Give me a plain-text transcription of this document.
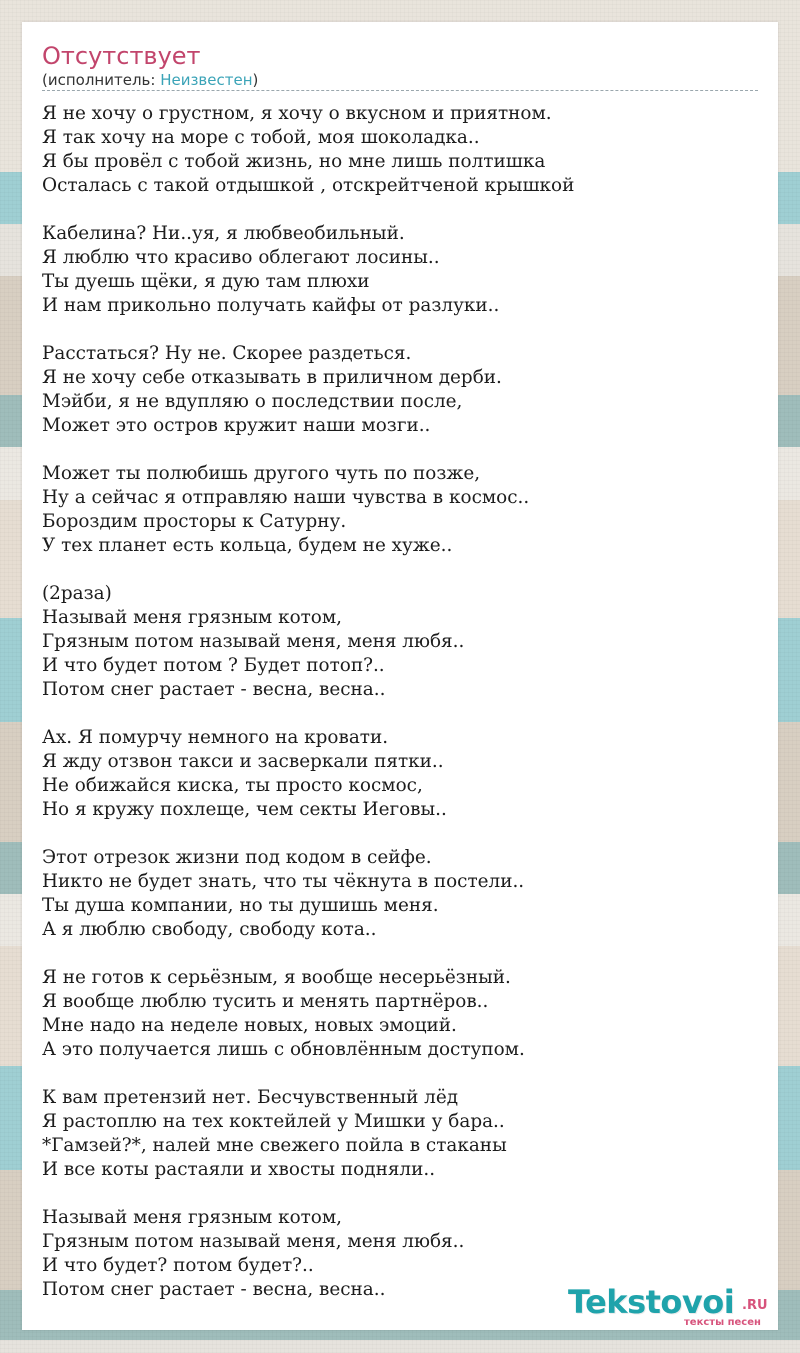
Отсутствует
(исполнитель: Неизвестен)
Я не хочу о грустном, я хочу о вкусном и приятном.
Я так хочу на море с тобой, моя шоколадка..
Я бы провёл с тобой жизнь, но мне лишь полтишка
Осталась с такой отдышкой , отскрейтченой крышкой
Кабелина? Ни..уя, я любвеобильный.
Я люблю что красиво облегают лосины..
Ты дуешь щёки, я дую там плюхи
И нам прикольно получать кайфы от разлуки..
Расстаться? Ну не. Скорее раздеться.
Я не хочу себе отказывать в приличном дерби.
Мэйби, я не вдупляю о последствии после,
Может это остров кружит наши мозги..
Может ты полюбишь другого чуть по позже,
Ну а сейчас я отправляю наши чувства в космос..
Бороздим просторы к Сатурну.
У тех планет есть кольца, будем не хуже..
(2раза)
Называй меня грязным котом,
Грязным потом называй меня, меня любя..
И что будет потом ? Будет потоп?..
Потом снег растает - весна, весна..
Ах. Я помурчу немного на кровати.
Я жду отзвон такси и засверкали пятки..
Не обижайся киска, ты просто космос,
Но я кружу похлеще, чем секты Иеговы..
Этот отрезок жизни под кодом в сейфе.
Никто не будет знать, что ты чёкнута в постели..
Ты душа компании, но ты душишь меня.
А я люблю свободу, свободу кота..
Я не готов к серьёзным, я вообще несерьёзный.
Я вообще люблю тусить и менять партнёров..
Мне надо на неделе новых, новых эмоций.
А это получается лишь с обновлённым доступом.
К вам претензий нет. Бесчувственный лёд
Я растоплю на тех коктейлей у Мишки у бара..
*Гамзей?*, налей мне свежего пойла в стаканы
И все коты растаяли и хвосты подняли..
Называй меня грязным котом,
Грязным потом называй меня, меня любя..
И что будет? потом будет?..
Потом снег растает - весна, весна..	Tekstovoi .RU
тексты песен
